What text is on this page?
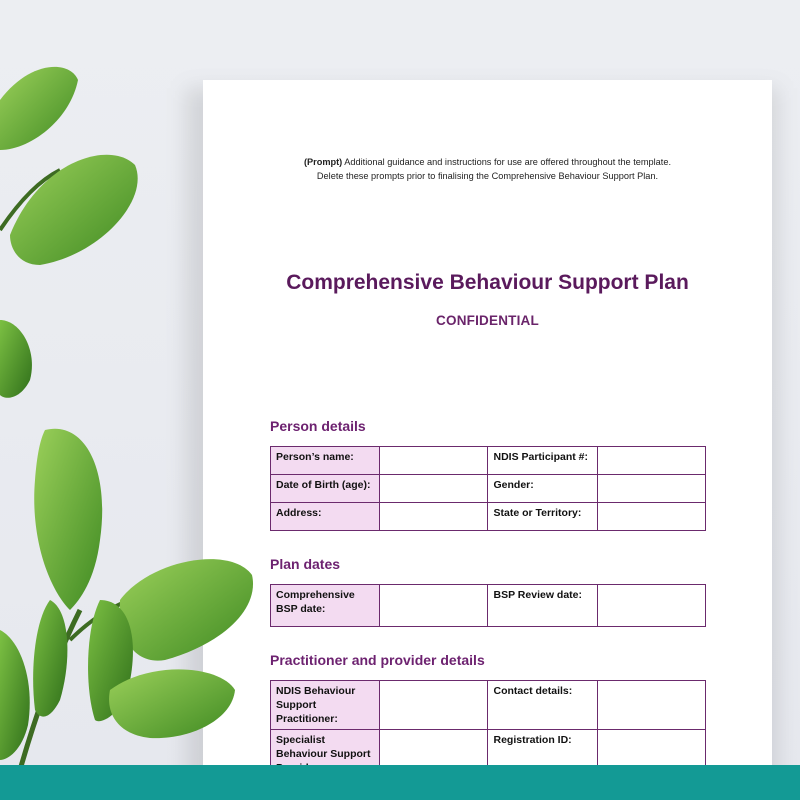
(Prompt) Additional guidance and instructions for use are offered throughout the template.
Delete these prompts prior to finalising the Comprehensive Behaviour Support Plan.
Comprehensive Behaviour Support Plan
CONFIDENTIAL
Person details
Person’s name:		NDIS Participant #:	
Date of Birth (age):		Gender:	
Address:		State or Territory:	
Plan dates
Comprehensive BSP date:		BSP Review date:	
Practitioner and provider details
NDIS Behaviour Support Practitioner:		Contact details:	
Specialist Behaviour Support		Registration ID:	
